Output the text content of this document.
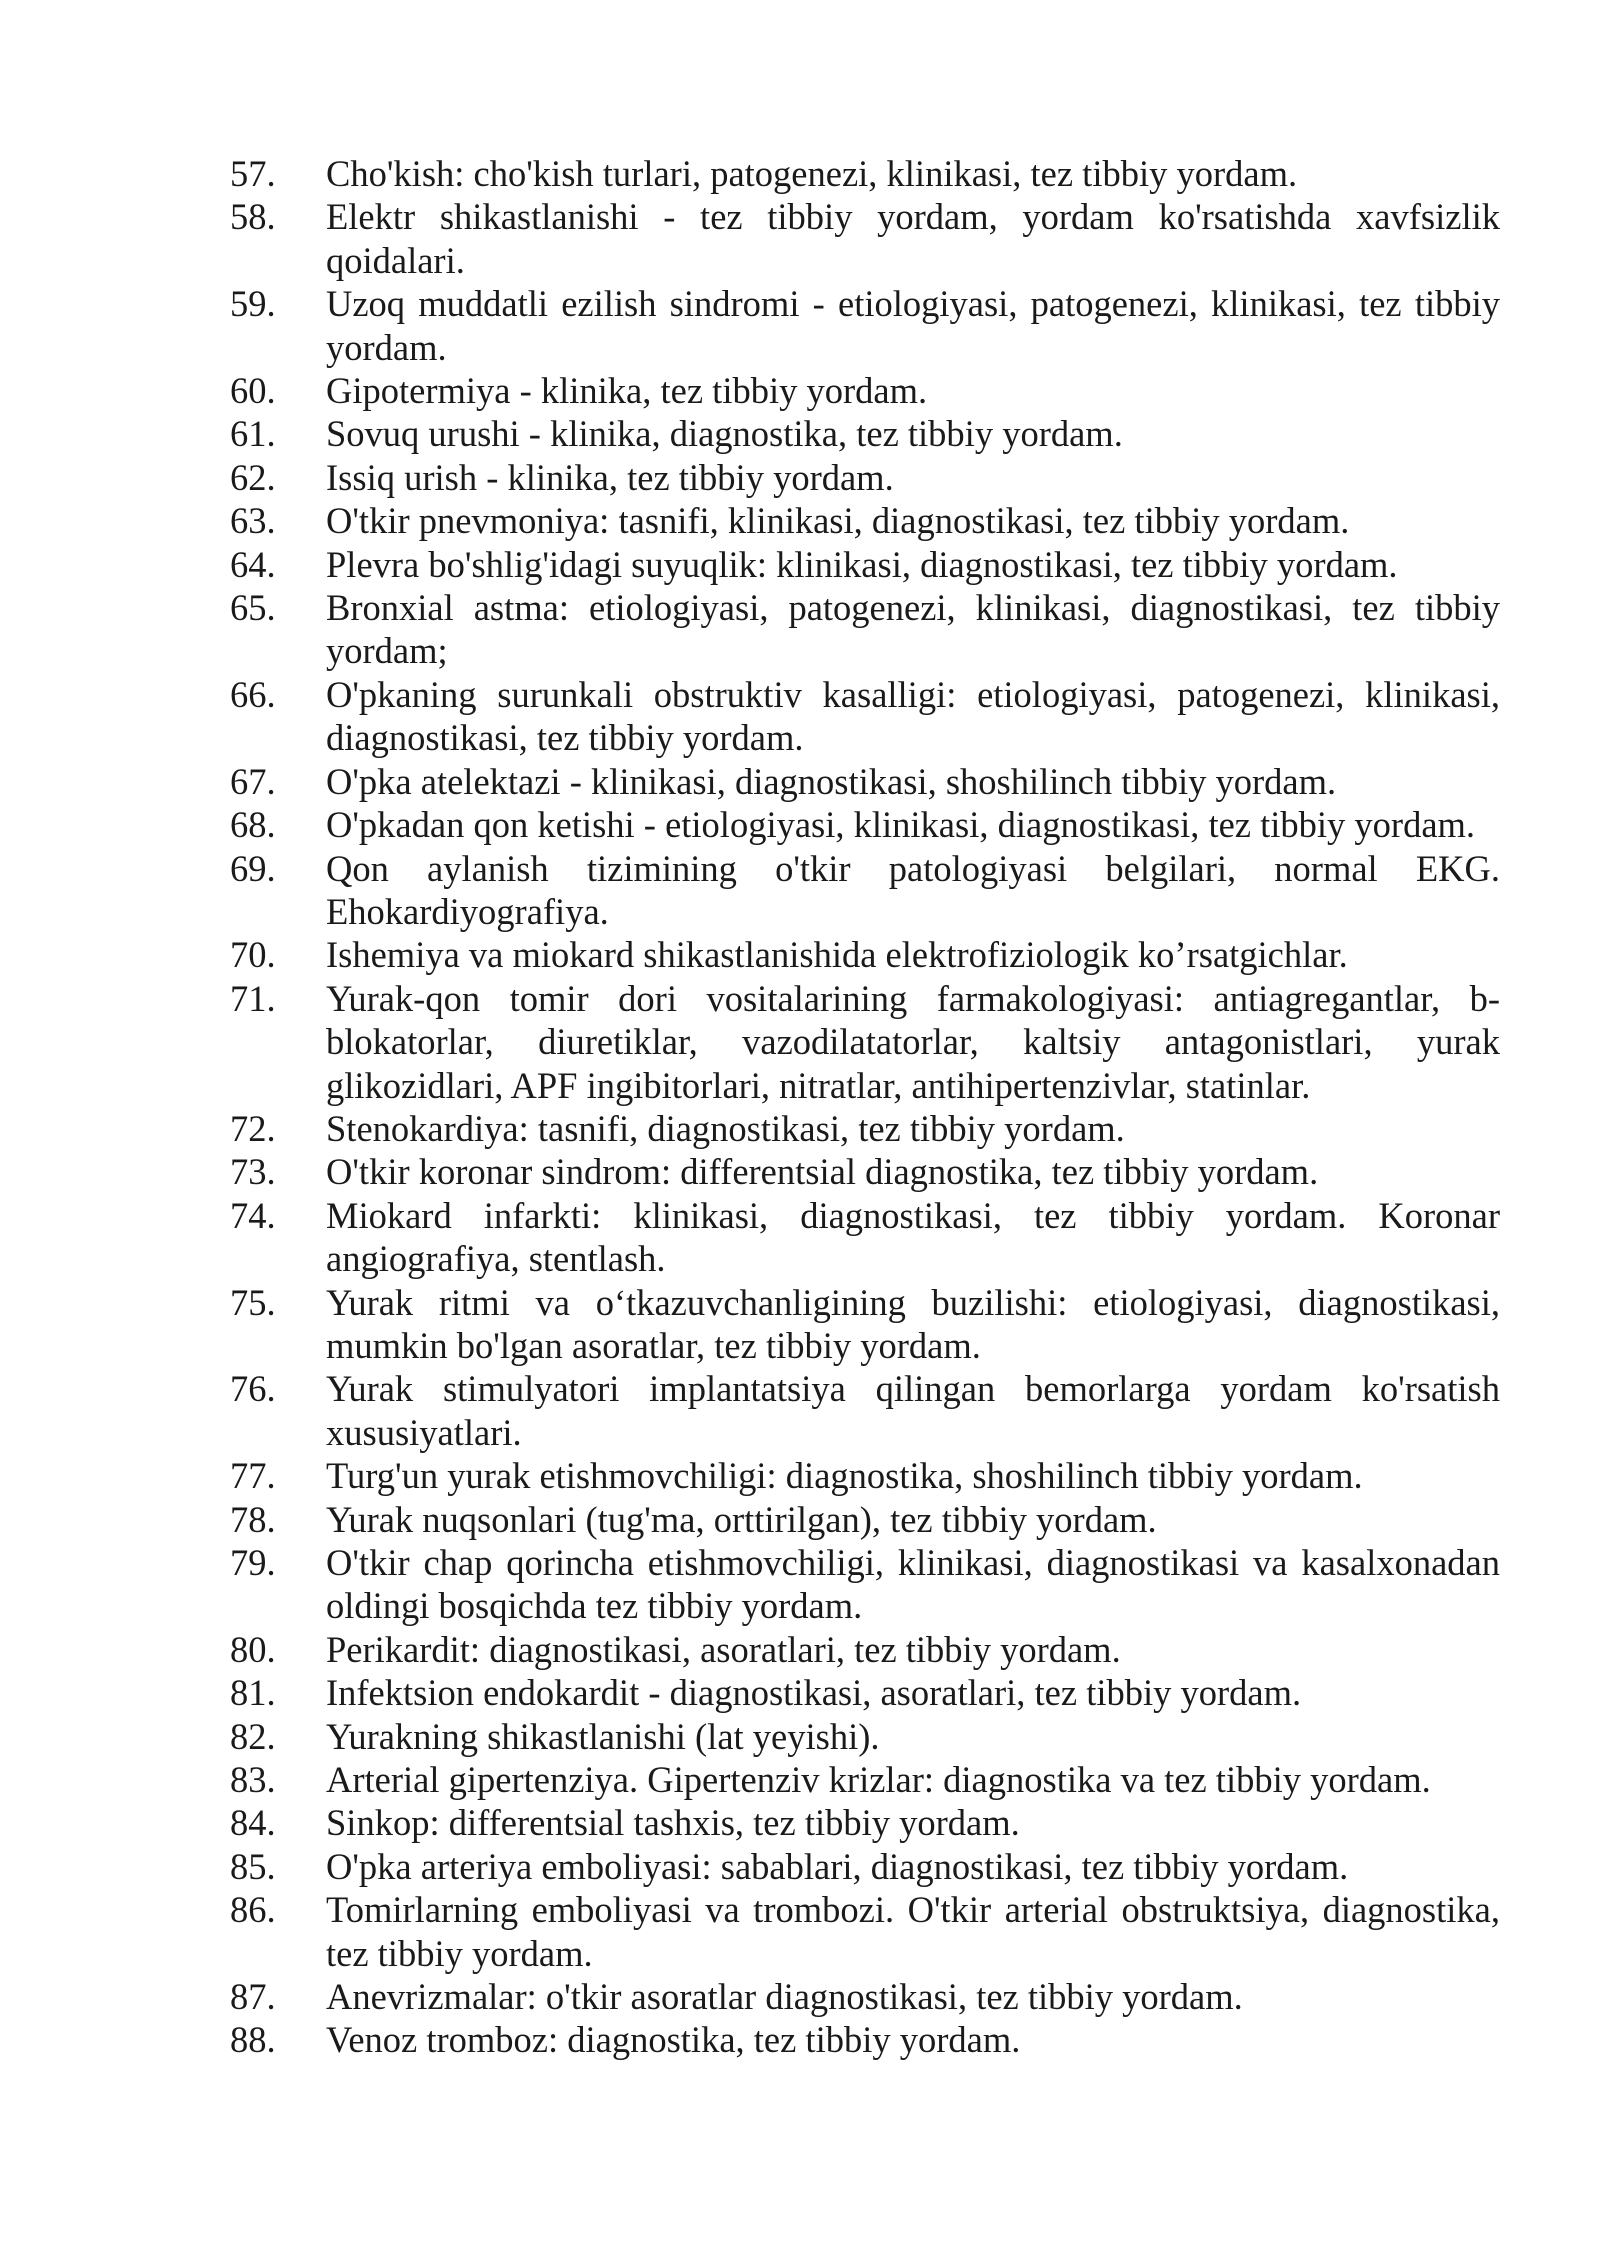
57.	Cho'kish: cho'kish turlari, patogenezi, klinikasi, tez tibbiy yordam.
58.	Elektr shikastlanishi - tez tibbiy yordam, yordam ko'rsatishda xavfsizlik qoidalari.
59.	Uzoq muddatli ezilish sindromi - etiologiyasi, patogenezi, klinikasi, tez tibbiy yordam.
60.	Gipotermiya - klinika, tez tibbiy yordam.
61.	Sovuq urushi - klinika, diagnostika, tez tibbiy yordam.
62.	Issiq urish - klinika, tez tibbiy yordam.
63.	O'tkir pnevmoniya: tasnifi, klinikasi, diagnostikasi, tez tibbiy yordam.
64.	Plevra bo'shlig'idagi suyuqlik: klinikasi, diagnostikasi, tez tibbiy yordam.
65.	Bronxial astma: etiologiyasi, patogenezi, klinikasi, diagnostikasi, tez tibbiy yordam;
66.	O'pkaning surunkali obstruktiv kasalligi: etiologiyasi, patogenezi, klinikasi, diagnostikasi, tez tibbiy yordam.
67.	O'pka atelektazi - klinikasi, diagnostikasi, shoshilinch tibbiy yordam.
68.	O'pkadan qon ketishi - etiologiyasi, klinikasi, diagnostikasi, tez tibbiy yordam.
69.	Qon aylanish tizimining o'tkir patologiyasi belgilari, normal EKG. Ehokardiyografiya.
70.	Ishemiya va miokard shikastlanishida elektrofiziologik ko’rsatgichlar.
71.	Yurak-qon tomir dori vositalarining farmakologiyasi: antiagregantlar, b-blokatorlar, diuretiklar, vazodilatatorlar, kaltsiy antagonistlari, yurak glikozidlari, APF ingibitorlari, nitratlar, antihipertenzivlar, statinlar.
72.	Stenokardiya: tasnifi, diagnostikasi, tez tibbiy yordam.
73.	O'tkir koronar sindrom: differentsial diagnostika, tez tibbiy yordam.
74.	Miokard infarkti: klinikasi, diagnostikasi, tez tibbiy yordam. Koronar angiografiya, stentlash.
75.	Yurak ritmi va o‘tkazuvchanligining buzilishi: etiologiyasi, diagnostikasi, mumkin bo'lgan asoratlar, tez tibbiy yordam.
76.	Yurak stimulyatori implantatsiya qilingan bemorlarga yordam ko'rsatish xususiyatlari.
77.	Turg'un yurak etishmovchiligi: diagnostika, shoshilinch tibbiy yordam.
78.	Yurak nuqsonlari (tug'ma, orttirilgan), tez tibbiy yordam.
79.	O'tkir chap qorincha etishmovchiligi, klinikasi, diagnostikasi va kasalxonadan oldingi bosqichda tez tibbiy yordam.
80.	Perikardit: diagnostikasi, asoratlari, tez tibbiy yordam.
81.	Infektsion endokardit - diagnostikasi, asoratlari, tez tibbiy yordam.
82.	Yurakning shikastlanishi (lat yeyishi).
83.	Arterial gipertenziya. Gipertenziv krizlar: diagnostika va tez tibbiy yordam.
84.	Sinkop: differentsial tashxis, tez tibbiy yordam.
85.	O'pka arteriya emboliyasi: sabablari, diagnostikasi, tez tibbiy yordam.
86.	Tomirlarning emboliyasi va trombozi. O'tkir arterial obstruktsiya, diagnostika, tez tibbiy yordam.
87.	Anevrizmalar: o'tkir asoratlar diagnostikasi, tez tibbiy yordam.
88.	Venoz tromboz: diagnostika, tez tibbiy yordam.
